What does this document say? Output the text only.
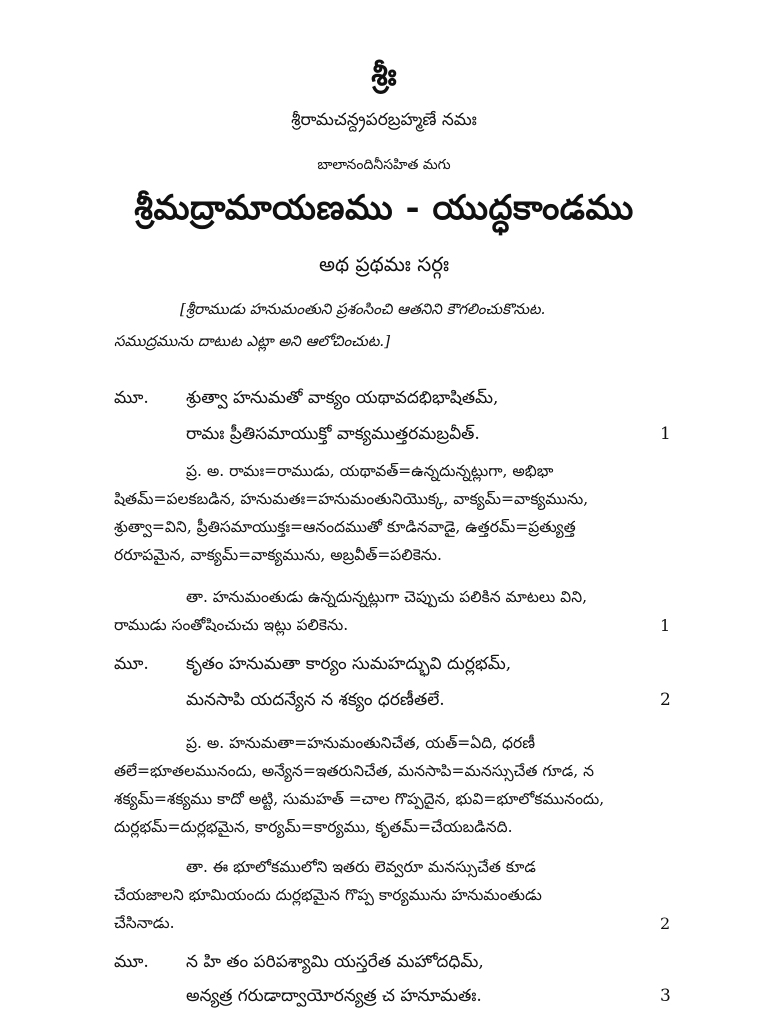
శ్రీః
శ్రీరామచన్ద్రపరబ్రహ్మణే నమః
బాలానందినీసహిత మగు
శ్రీమద్రామాయణము - యుద్ధకాండము
అథ ప్రథమః సర్గః
[శ్రీరాముడు హనుమంతుని ప్రశంసించి ఆతనిని కౌగలించుకొనుట.
సముద్రమును దాటుట ఎట్లా అని ఆలోచించుట.]
మూ. శ్రుత్వా హనుమతో వాక్యం యథావదభిభాషితమ్,
రామః ప్రీతిసమాయుక్తో వాక్యముత్తరమబ్రవీత్.	1
ప్ర. అ. రామః=రాముడు, యథావత్=ఉన్నదున్నట్లుగా, అభిభా
షితమ్=పలకబడిన, హనుమతః=హనుమంతునియొక్క, వాక్యమ్=వాక్యమును,
శ్రుత్వా=విని, ప్రీతిసమాయుక్తః=ఆనందముతో కూడినవాడై, ఉత్తరమ్=ప్రత్యుత్త
రరూపమైన, వాక్యమ్=వాక్యమును, అబ్రవీత్=పలికెను.
తా. హనుమంతుడు ఉన్నదున్నట్లుగా చెప్పుచు పలికిన మాటలు విని,
రాముడు సంతోషించుచు ఇట్లు పలికెను.	1
మూ. కృతం హనుమతా కార్యం సుమహద్భువి దుర్లభమ్,
మనసాపి యదన్యేన న శక్యం ధరణీతలే.	2
ప్ర. అ. హనుమతా=హనుమంతునిచేత, యత్=ఏది, ధరణీ
తలే=భూతలమునందు, అన్యేన=ఇతరునిచేత, మనసాపి=మనస్సుచేత గూడ, న
శక్యమ్=శక్యము కాదో అట్టి, సుమహత్ =చాల గొప్పదైన, భువి=భూలోకమునందు,
దుర్లభమ్=దుర్లభమైన, కార్యమ్=కార్యము, కృతమ్=చేయబడినది.
తా. ఈ భూలోకములోని ఇతరు లెవ్వరూ మనస్సుచేత కూడ
చేయజాలని భూమియందు దుర్లభమైన గొప్ప కార్యమును హనుమంతుడు
చేసినాడు.	2
మూ. న హి తం పరిపశ్యామి యస్తరేత మహోదధిమ్,
అన్యత్ర గరుడాద్వాయోరన్యత్ర చ హనూమతః.	3
